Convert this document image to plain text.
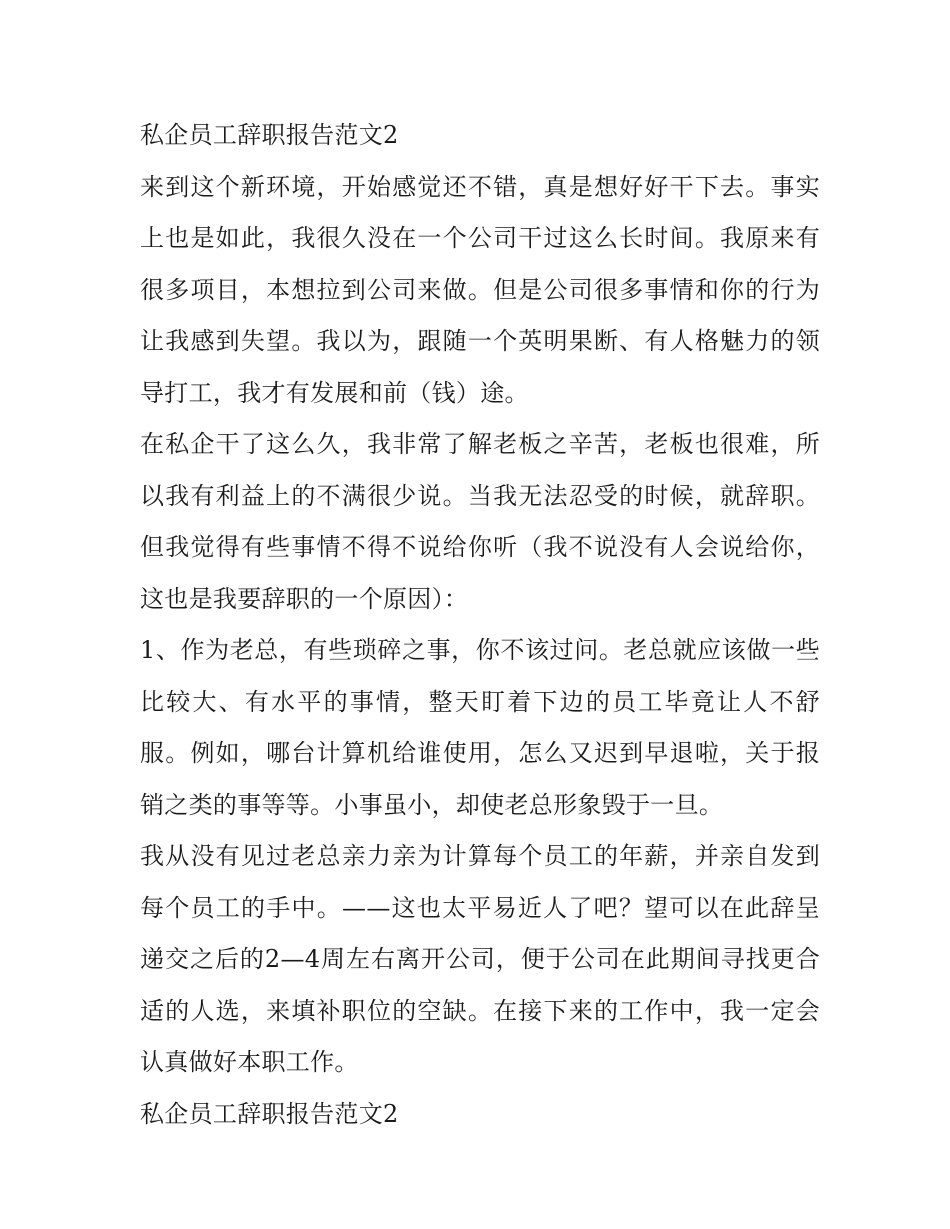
私企员工辞职报告范文2

来到这个新环境，开始感觉还不错，真是想好好干下去。事实上也是如此，我很久没在一个公司干过这么长时间。我原来有很多项目，本想拉到公司来做。但是公司很多事情和你的行为让我感到失望。我以为，跟随一个英明果断、有人格魅力的领导打工，我才有发展和前（钱）途。

在私企干了这么久，我非常了解老板之辛苦，老板也很难，所以我有利益上的不满很少说。当我无法忍受的时候，就辞职。但我觉得有些事情不得不说给你听（我不说没有人会说给你，这也是我要辞职的一个原因）：

1、作为老总，有些琐碎之事，你不该过问。老总就应该做一些比较大、有水平的事情，整天盯着下边的员工毕竟让人不舒服。例如，哪台计算机给谁使用，怎么又迟到早退啦，关于报销之类的事等等。小事虽小，却使老总形象毁于一旦。

我从没有见过老总亲力亲为计算每个员工的年薪，并亲自发到每个员工的手中。——这也太平易近人了吧？望可以在此辞呈递交之后的2—4周左右离开公司，便于公司在此期间寻找更合适的人选，来填补职位的空缺。在接下来的工作中，我一定会认真做好本职工作。

私企员工辞职报告范文2
